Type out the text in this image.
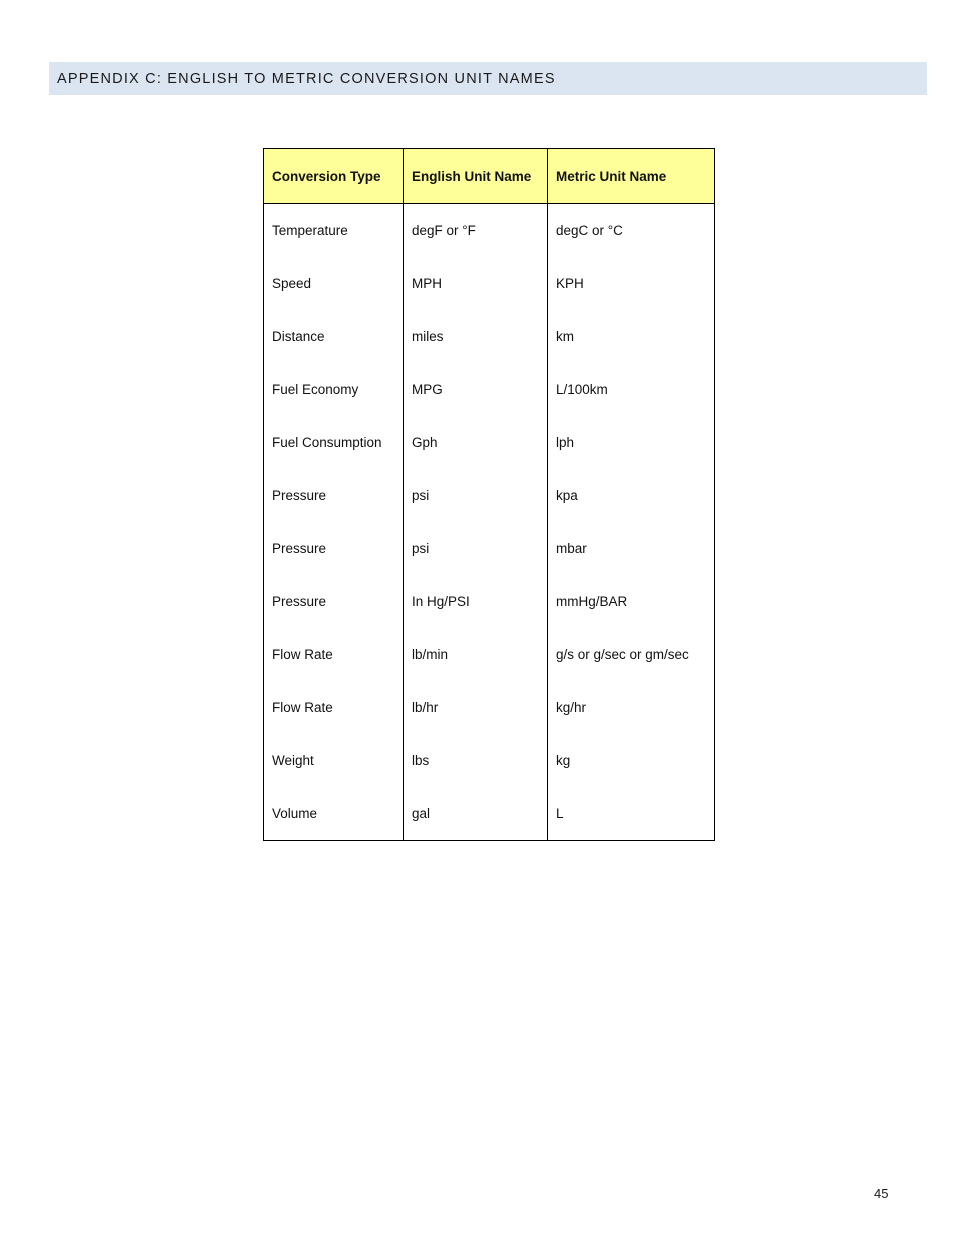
APPENDIX C: ENGLISH TO METRIC CONVERSION UNIT NAMES
Conversion Type	English Unit Name	Metric Unit Name
Temperature	degF or °F	degC or °C
Speed	MPH	KPH
Distance	miles	km
Fuel Economy	MPG	L/100km
Fuel Consumption	Gph	lph
Pressure	psi	kpa
Pressure	psi	mbar
Pressure	In Hg/PSI	mmHg/BAR
Flow Rate	lb/min	g/s or g/sec or gm/sec
Flow Rate	lb/hr	kg/hr
Weight	lbs	kg
Volume	gal	L
45
